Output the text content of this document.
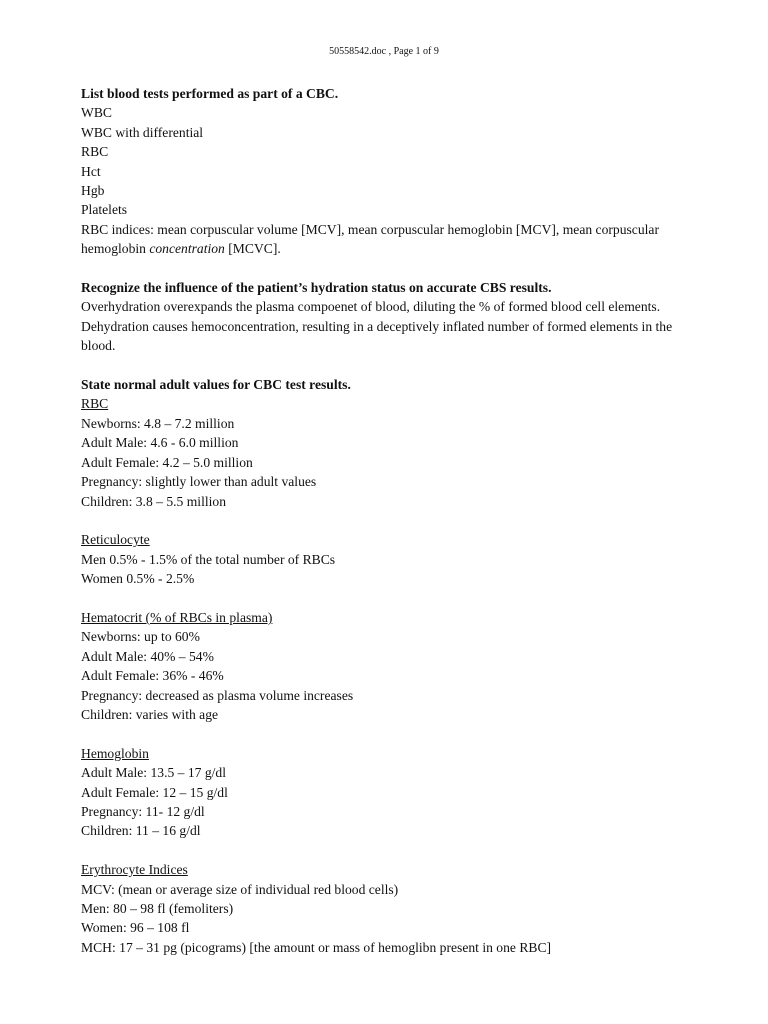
50558542.doc , Page 1 of 9
List blood tests performed as part of a CBC.
WBC
WBC with differential
RBC
Hct
Hgb
Platelets
RBC indices: mean corpuscular volume [MCV], mean corpuscular hemoglobin [MCV], mean corpuscular
hemoglobin concentration [MCVC].
Recognize the influence of the patient’s hydration status on accurate CBS results.
Overhydration overexpands the plasma compoenet of blood, diluting the % of formed blood cell elements.
Dehydration causes hemoconcentration, resulting in a deceptively inflated number of formed elements in the
blood.
State normal adult values for CBC test results.
RBC
Newborns: 4.8 – 7.2 million
Adult Male: 4.6 - 6.0 million
Adult Female: 4.2 – 5.0 million
Pregnancy: slightly lower than adult values
Children: 3.8 – 5.5 million
Reticulocyte
Men 0.5% - 1.5% of the total number of RBCs
Women 0.5% - 2.5%
Hematocrit (% of RBCs in plasma)
Newborns: up to 60%
Adult Male: 40% – 54%
Adult Female: 36% - 46%
Pregnancy: decreased as plasma volume increases
Children: varies with age
Hemoglobin
Adult Male: 13.5 – 17 g/dl
Adult Female: 12 – 15 g/dl
Pregnancy: 11- 12 g/dl
Children: 11 – 16 g/dl
Erythrocyte Indices
MCV: (mean or average size of individual red blood cells)
Men: 80 – 98 fl (femoliters)
Women: 96 – 108 fl
MCH: 17 – 31 pg (picograms) [the amount or mass of hemoglibn present in one RBC]
